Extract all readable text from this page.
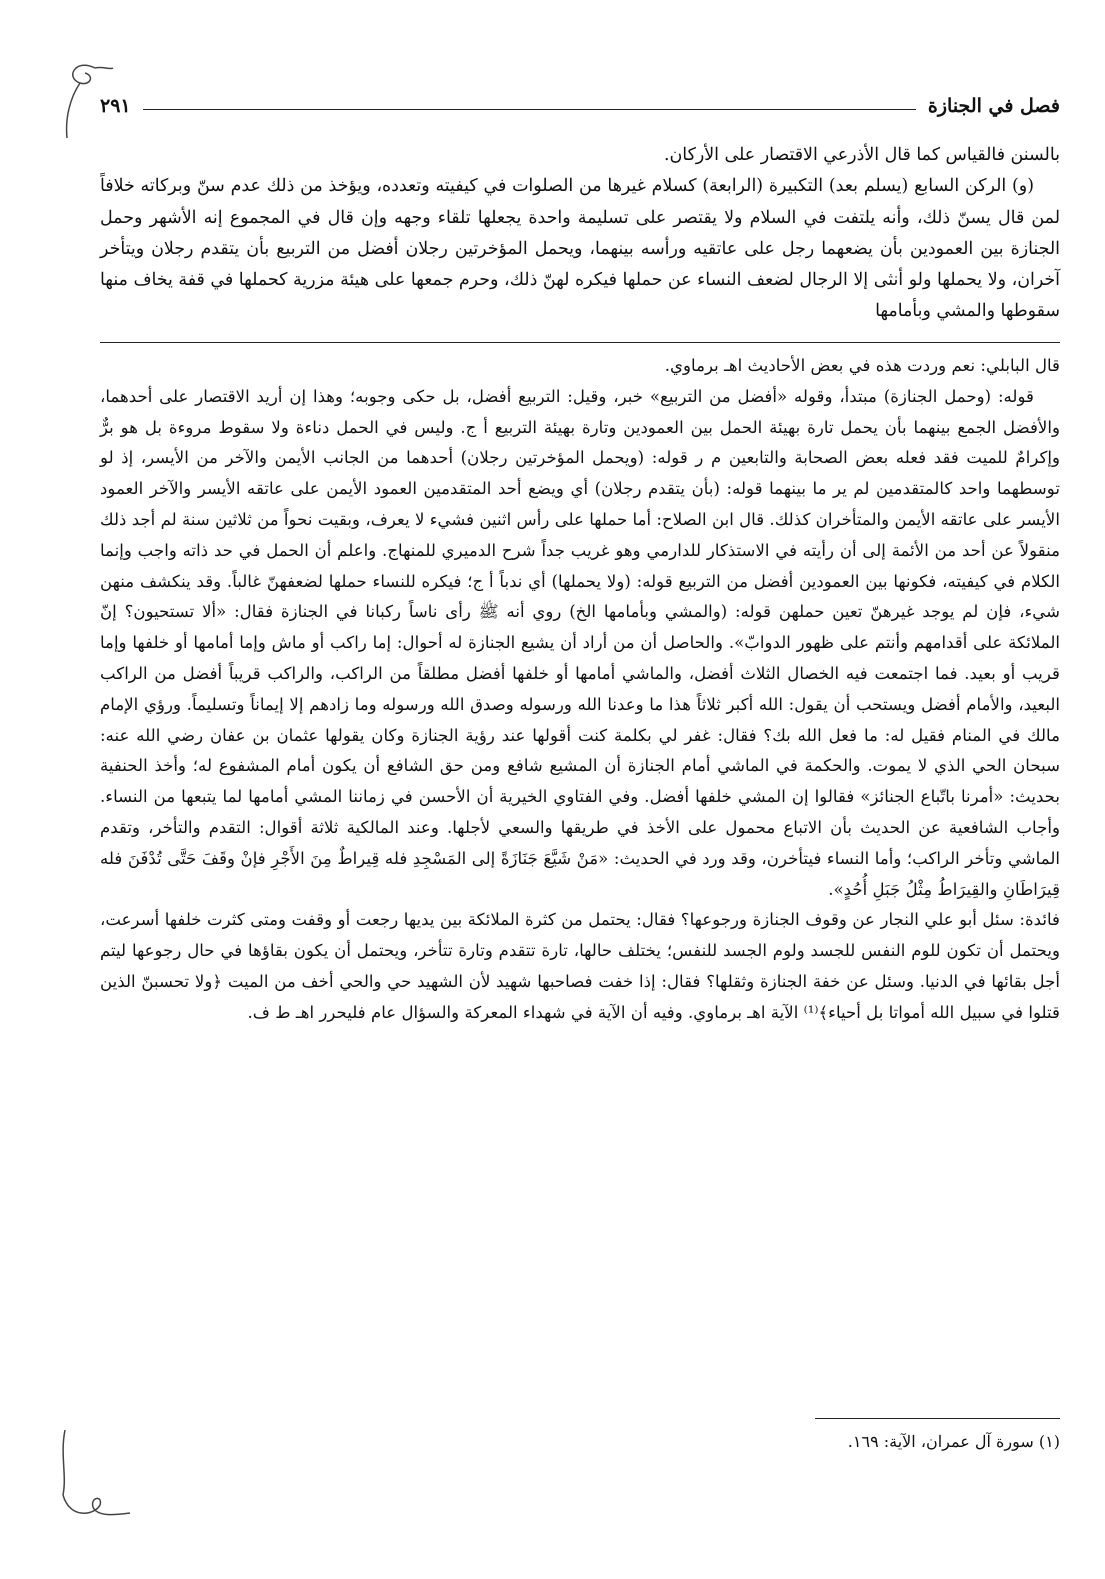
فصل في الجنازة
٢٩١

بالسنن فالقياس كما قال الأذرعي الاقتصار على الأركان.

(و) الركن السابع (يسلم بعد) التكبيرة (الرابعة) كسلام غيرها من الصلوات في كيفيته وتعدده، ويؤخذ من ذلك عدم سنّ وبركاته خلافاً لمن قال يسنّ ذلك، وأنه يلتفت في السلام ولا يقتصر على تسليمة واحدة يجعلها تلقاء وجهه وإن قال في المجموع إنه الأشهر وحمل الجنازة بين العمودين بأن يضعهما رجل على عاتقيه ورأسه بينهما، ويحمل المؤخرتين رجلان أفضل من التربيع بأن يتقدم رجلان ويتأخر آخران، ولا يحملها ولو أنثى إلا الرجال لضعف النساء عن حملها فيكره لهنّ ذلك، وحرم جمعها على هيئة مزرية كحملها في قفة يخاف منها سقوطها والمشي وبأمامها

قال البابلي: نعم وردت هذه في بعض الأحاديث اهـ برماوي.

قوله: (وحمل الجنازة) مبتدأ، وقوله «أفضل من التربيع» خبر، وقيل: التربيع أفضل، بل حكى وجوبه؛ وهذا إن أريد الاقتصار على أحدهما، والأفضل الجمع بينهما بأن يحمل تارة بهيئة الحمل بين العمودين وتارة بهيئة التربيع أ ج. وليس في الحمل دناءة ولا سقوط مروءة بل هو برٌّ وإكرامٌ للميت فقد فعله بعض الصحابة والتابعين م ر قوله: (ويحمل المؤخرتين رجلان) أحدهما من الجانب الأيمن والآخر من الأيسر، إذ لو توسطهما واحد كالمتقدمين لم ير ما بينهما قوله: (بأن يتقدم رجلان) أي ويضع أحد المتقدمين العمود الأيمن على عاتقه الأيسر والآخر العمود الأيسر على عاتقه الأيمن والمتأخران كذلك. قال ابن الصلاح: أما حملها على رأس اثنين فشيء لا يعرف، وبقيت نحواً من ثلاثين سنة لم أجد ذلك منقولاً عن أحد من الأئمة إلى أن رأيته في الاستذكار للدارمي وهو غريب جداً شرح الدميري للمنهاج. واعلم أن الحمل في حد ذاته واجب وإنما الكلام في كيفيته، فكونها بين العمودين أفضل من التربيع قوله: (ولا يحملها) أي ندباً أ ج؛ فيكره للنساء حملها لضعفهنّ غالباً. وقد ينكشف منهن شيء، فإن لم يوجد غيرهنّ تعين حملهن قوله: (والمشي وبأمامها الخ) روي أنه ﷺ رأى ناساً ركبانا في الجنازة فقال: «ألا تستحيون؟ إنّ الملائكة على أقدامهم وأنتم على ظهور الدوابّ». والحاصل أن من أراد أن يشيع الجنازة له أحوال: إما راكب أو ماش وإما أمامها أو خلفها وإما قريب أو بعيد. فما اجتمعت فيه الخصال الثلاث أفضل، والماشي أمامها أو خلفها أفضل مطلقاً من الراكب، والراكب قريباً أفضل من الراكب البعيد، والأمام أفضل ويستحب أن يقول: الله أكبر ثلاثاً هذا ما وعدنا الله ورسوله وصدق الله ورسوله وما زادهم إلا إيماناً وتسليماً. ورؤي الإمام مالك في المنام فقيل له: ما فعل الله بك؟ فقال: غفر لي بكلمة كنت أقولها عند رؤية الجنازة وكان يقولها عثمان بن عفان رضي الله عنه: سبحان الحي الذي لا يموت. والحكمة في الماشي أمام الجنازة أن المشيع شافع ومن حق الشافع أن يكون أمام المشفوع له؛ وأخذ الحنفية بحديث: «أمرنا باتّباع الجنائز» فقالوا إن المشي خلفها أفضل. وفي الفتاوي الخيرية أن الأحسن في زماننا المشي أمامها لما يتبعها من النساء. وأجاب الشافعية عن الحديث بأن الاتباع محمول على الأخذ في طريقها والسعي لأجلها. وعند المالكية ثلاثة أقوال: التقدم والتأخر، وتقدم الماشي وتأخر الراكب؛ وأما النساء فيتأخرن، وقد ورد في الحديث: «مَنْ شَيَّعَ جَنَازَةً إلى المَسْجِدِ فله قِيراطٌ مِنَ الأَجْرِ فإنْ وقَفَ حَتَّى تُدْفَنَ فله قِيرَاطَانِ والقِيرَاطُ مِثْلُ جَبَلِ أُحُدٍ».

فائدة: سئل أبو علي النجار عن وقوف الجنازة ورجوعها؟ فقال: يحتمل من كثرة الملائكة بين يديها رجعت أو وقفت ومتى كثرت خلفها أسرعت، ويحتمل أن تكون للوم النفس للجسد ولوم الجسد للنفس؛ يختلف حالها، تارة تتقدم وتارة تتأخر، ويحتمل أن يكون بقاؤها في حال رجوعها ليتم أجل بقائها في الدنيا. وسئل عن خفة الجنازة وثقلها؟ فقال: إذا خفت فصاحبها شهيد لأن الشهيد حي والحي أخف من الميت ﴿ولا تحسبنّ الذين قتلوا في سبيل الله أمواتا بل أحياء﴾⁽¹⁾ الآية اهـ برماوي. وفيه أن الآية في شهداء المعركة والسؤال عام فليحرر اهـ ط ف.

(١) سورة آل عمران، الآية: ١٦٩.
